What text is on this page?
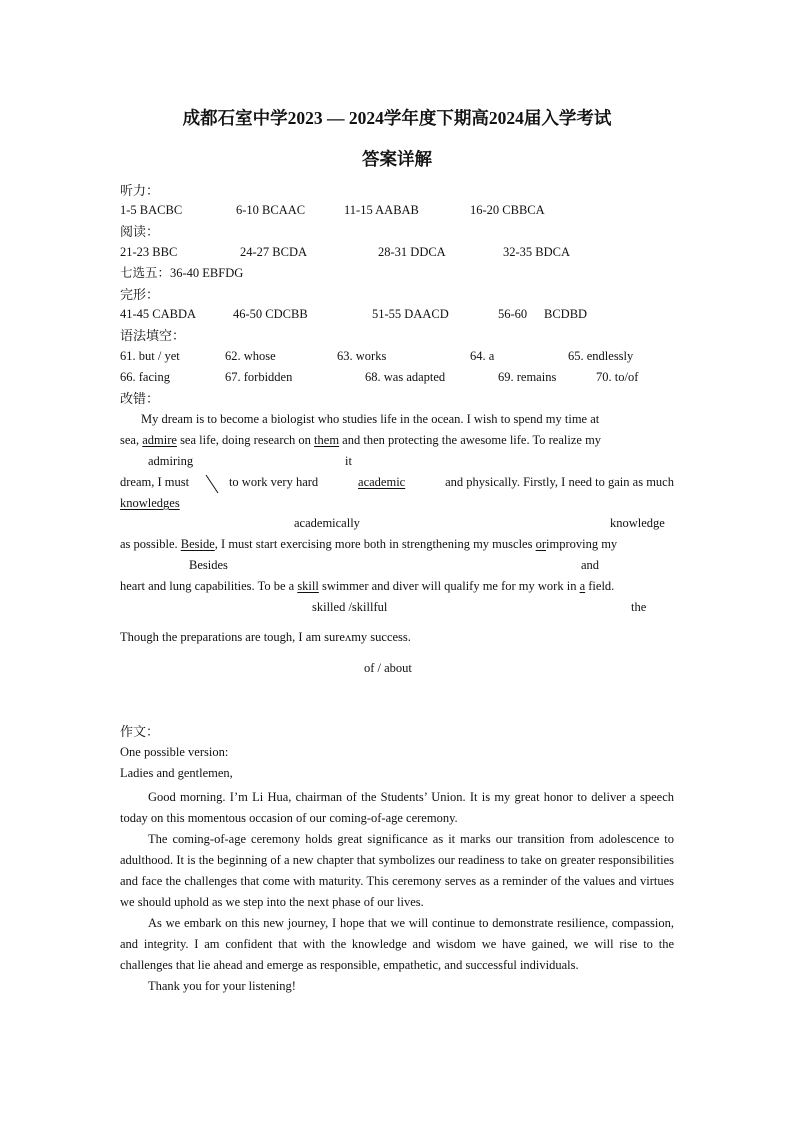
成都石室中学2023 — 2024学年度下期高2024届入学考试
答案详解
听力：
1-5 BACBC	6-10 BCAAC	11-15 AABAB	16-20 CBBCA
阅读：
21-23 BBC	24-27 BCDA	28-31 DDCA	32-35 BDCA
七选五：36-40 EBFDG
完形：
41-45 CABDA	46-50 CDCBB	51-55 DAACD	56-60 BCDBD
语法填空：
61. but / yet	62. whose	63. works	64. a	65. endlessly
66. facing	67. forbidden	68. was adapted	69. remains	70. to/of
改错：
My dream is to become a biologist who studies life in the ocean. I wish to spend my time at
sea, admire sea life, doing research on them and then protecting the awesome life. To realize my
admiring	it
dream, I must	to work very hard	academic	and physically. Firstly, I need to gain as much
knowledges
academically	knowledge
as possible. Beside, I must start exercising more both in strengthening my muscles orimproving my
Besides	and
heart and lung capabilities. To be a skill swimmer and diver will qualify me for my work in a field.
skilled /skillful	the
Though the preparations are tough, I am sureʌmy success.
of / about
作文：
One possible version:
Ladies and gentlemen,

Good morning. I’m Li Hua, chairman of the Students’ Union. It is my great honor to deliver a speech today on this momentous occasion of our coming-of-age ceremony.

The coming-of-age ceremony holds great significance as it marks our transition from adolescence to adulthood. It is the beginning of a new chapter that symbolizes our readiness to take on greater responsibilities and face the challenges that come with maturity. This ceremony serves as a reminder of the values and virtues we should uphold as we step into the next phase of our lives.

As we embark on this new journey, I hope that we will continue to demonstrate resilience, compassion, and integrity. I am confident that with the knowledge and wisdom we have gained, we will rise to the challenges that lie ahead and emerge as responsible, empathetic, and successful individuals.

Thank you for your listening!
